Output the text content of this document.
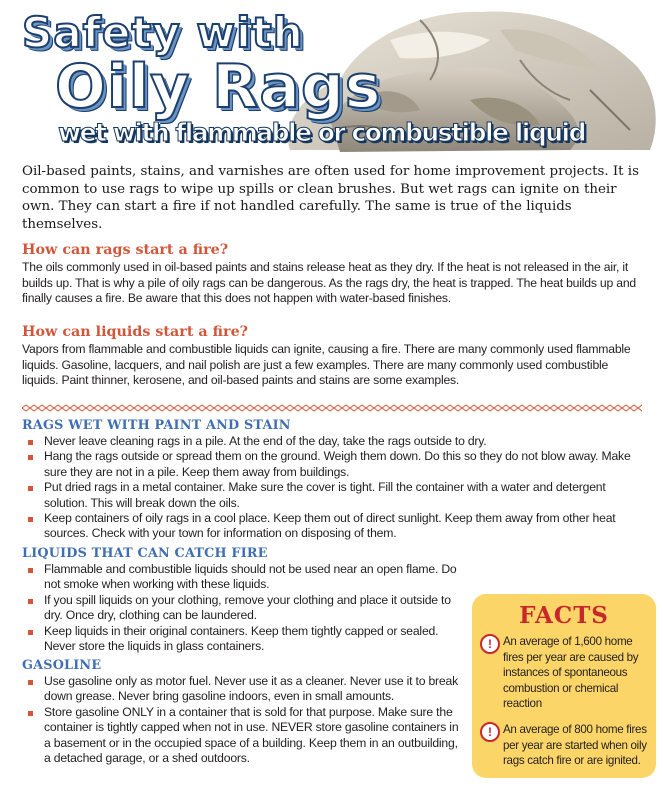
Safety with
Oily Rags
wet with flammable or combustible liquid

Oil-based paints, stains, and varnishes are often used for home improvement projects. It is common to use rags to wipe up spills or clean brushes. But wet rags can ignite on their own. They can start a fire if not handled carefully. The same is true of the liquids themselves.

How can rags start a fire?

The oils commonly used in oil-based paints and stains release heat as they dry. If the heat is not released in the air, it builds up. That is why a pile of oily rags can be dangerous. As the rags dry, the heat is trapped. The heat builds up and finally causes a fire. Be aware that this does not happen with water-based finishes.

How can liquids start a fire?

Vapors from flammable and combustible liquids can ignite, causing a fire. There are many commonly used flammable liquids. Gasoline, lacquers, and nail polish are just a few examples. There are many commonly used combustible liquids. Paint thinner, kerosene, and oil-based paints and stains are some examples.

RAGS WET WITH PAINT AND STAIN
Never leave cleaning rags in a pile. At the end of the day, take the rags outside to dry.
Hang the rags outside or spread them on the ground. Weigh them down. Do this so they do not blow away. Make sure they are not in a pile. Keep them away from buildings.
Put dried rags in a metal container. Make sure the cover is tight. Fill the container with a water and detergent solution. This will break down the oils.
Keep containers of oily rags in a cool place. Keep them out of direct sunlight. Keep them away from other heat sources. Check with your town for information on disposing of them.
LIQUIDS THAT CAN CATCH FIRE
Flammable and combustible liquids should not be used near an open flame. Do not smoke when working with these liquids.
If you spill liquids on your clothing, remove your clothing and place it outside to dry. Once dry, clothing can be laundered.
Keep liquids in their original containers. Keep them tightly capped or sealed. Never store the liquids in glass containers.
GASOLINE
Use gasoline only as motor fuel. Never use it as a cleaner. Never use it to break down grease. Never bring gasoline indoors, even in small amounts.
Store gasoline ONLY in a container that is sold for that purpose. Make sure the container is tightly capped when not in use. NEVER store gasoline containers in a basement or in the occupied space of a building. Keep them in an outbuilding, a detached garage, or a shed outdoors.
FACTS
! An average of 1,600 home fires per year are caused by instances of spontaneous combustion or chemical reaction
! An average of 800 home fires per year are started when oily rags catch fire or are ignited.
